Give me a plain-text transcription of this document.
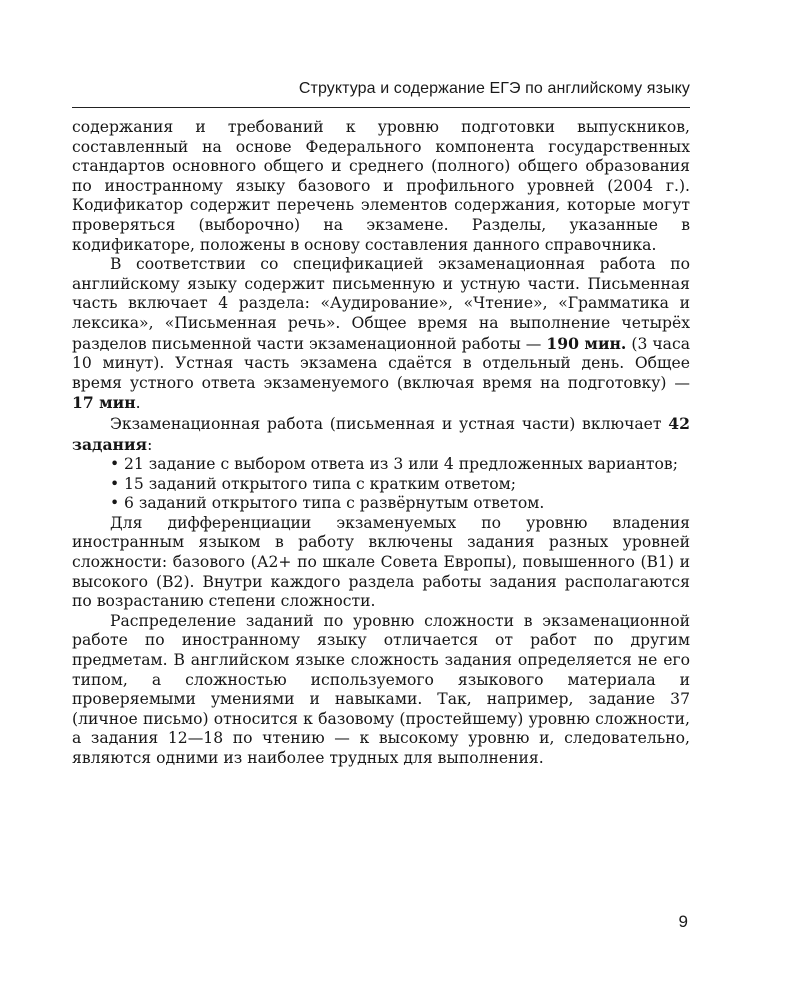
Структура и содержание ЕГЭ по английскому языку

содержания и требований к уровню подготовки выпускников, составленный на основе Федерального компонента государственных стандартов основного общего и среднего (полного) общего образования по иностранному языку базового и профильного уровней (2004 г.). Кодификатор содержит перечень элементов содержания, которые могут проверяться (выборочно) на экзамене. Разделы, указанные в кодификаторе, положены в основу составления данного справочника.

В соответствии со спецификацией экзаменационная работа по английскому языку содержит письменную и устную части. Письменная часть включает 4 раздела: «Аудирование», «Чтение», «Грамматика и лексика», «Письменная речь». Общее время на выполнение четырёх разделов письменной части экзаменационной работы — 190 мин. (3 часа 10 минут). Устная часть экзамена сдаётся в отдельный день. Общее время устного ответа экзаменуемого (включая время на подготовку) — 17 мин.

Экзаменационная работа (письменная и устная части) включает 42 задания:

• 21 задание с выбором ответа из 3 или 4 предложенных вариантов;
• 15 заданий открытого типа с кратким ответом;
• 6 заданий открытого типа с развёрнутым ответом.

Для дифференциации экзаменуемых по уровню владения иностранным языком в работу включены задания разных уровней сложности: базового (А2+ по шкале Совета Европы), повышенного (В1) и высокого (В2). Внутри каждого раздела работы задания располагаются по возрастанию степени сложности.

Распределение заданий по уровню сложности в экзаменационной работе по иностранному языку отличается от работ по другим предметам. В английском языке сложность задания определяется не его типом, а сложностью используемого языкового материала и проверяемыми умениями и навыками. Так, например, задание 37 (личное письмо) относится к базовому (простейшему) уровню сложности, а задания 12—18 по чтению — к высокому уровню и, следовательно, являются одними из наиболее трудных для выполнения.

9
